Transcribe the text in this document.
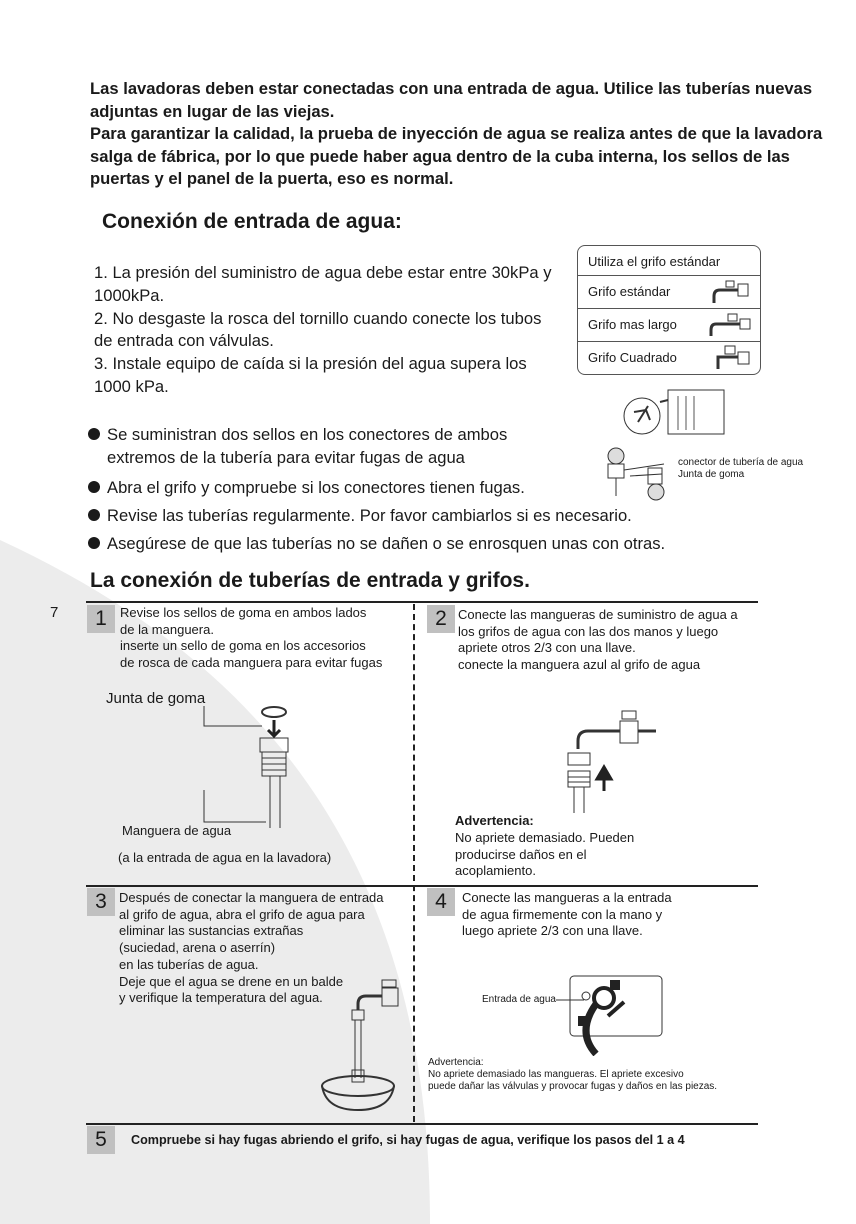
7

Las lavadoras deben estar conectadas con una entrada de agua. Utilice las tuberías nuevas adjuntas en lugar de las viejas.

Para garantizar la calidad, la prueba de inyección de agua se realiza antes de que la lavadora salga de fábrica, por lo que puede haber agua dentro de la cuba interna, los sellos de las puertas y el panel de la puerta, eso es normal.

Conexión de entrada de agua:

1. La presión del suministro de agua debe estar entre 30kPa y 1000kPa.

2. No desgaste la rosca del tornillo cuando conecte los tubos de entrada con válvulas.

3. Instale equipo de caída si la presión del agua supera los 1000 kPa.

Utiliza el grifo estándar
Grifo estándar
Grifo mas largo
Grifo Cuadrado
conector de tubería de agua
Junta de goma
Se suministran dos sellos en los conectores de ambos extremos de la tubería para evitar fugas de agua
Abra el grifo y compruebe si los conectores tienen fugas.
Revise las tuberías regularmente. Por favor cambiarlos si es necesario.
Asegúrese de que las tuberías no se dañen o se enrosquen unas con otras.
La conexión de tuberías de entrada y grifos.
1	Revise los sellos de goma en ambos lados
de la manguera.
inserte un sello de goma en los accesorios
de rosca de cada manguera para evitar fugas
Junta de goma
Manguera de agua
(a la entrada de agua en la lavadora)
2 Conecte las mangueras de suministro de agua a
los grifos de agua con las dos manos y luego
apriete otros 2/3 con una llave.
conecte la manguera azul al grifo de agua
Advertencia:
No apriete demasiado. Pueden
producirse daños en el
acoplamiento.
3 Después de conectar la manguera de entrada
al grifo de agua, abra el grifo de agua para
eliminar las sustancias extrañas
(suciedad, arena o aserrín)
en las tuberías de agua.
Deje que el agua se drene en un balde
y verifique la temperatura del agua.
4	Conecte las mangueras a la entrada
de agua firmemente con la mano y
luego apriete 2/3 con una llave.
Entrada de agua
Advertencia:
No apriete demasiado las mangueras. El apriete excesivo
puede dañar las válvulas y provocar fugas y daños en las piezas.
5	Compruebe si hay fugas abriendo el grifo, si hay fugas de agua, verifique los pasos del 1 a 4
